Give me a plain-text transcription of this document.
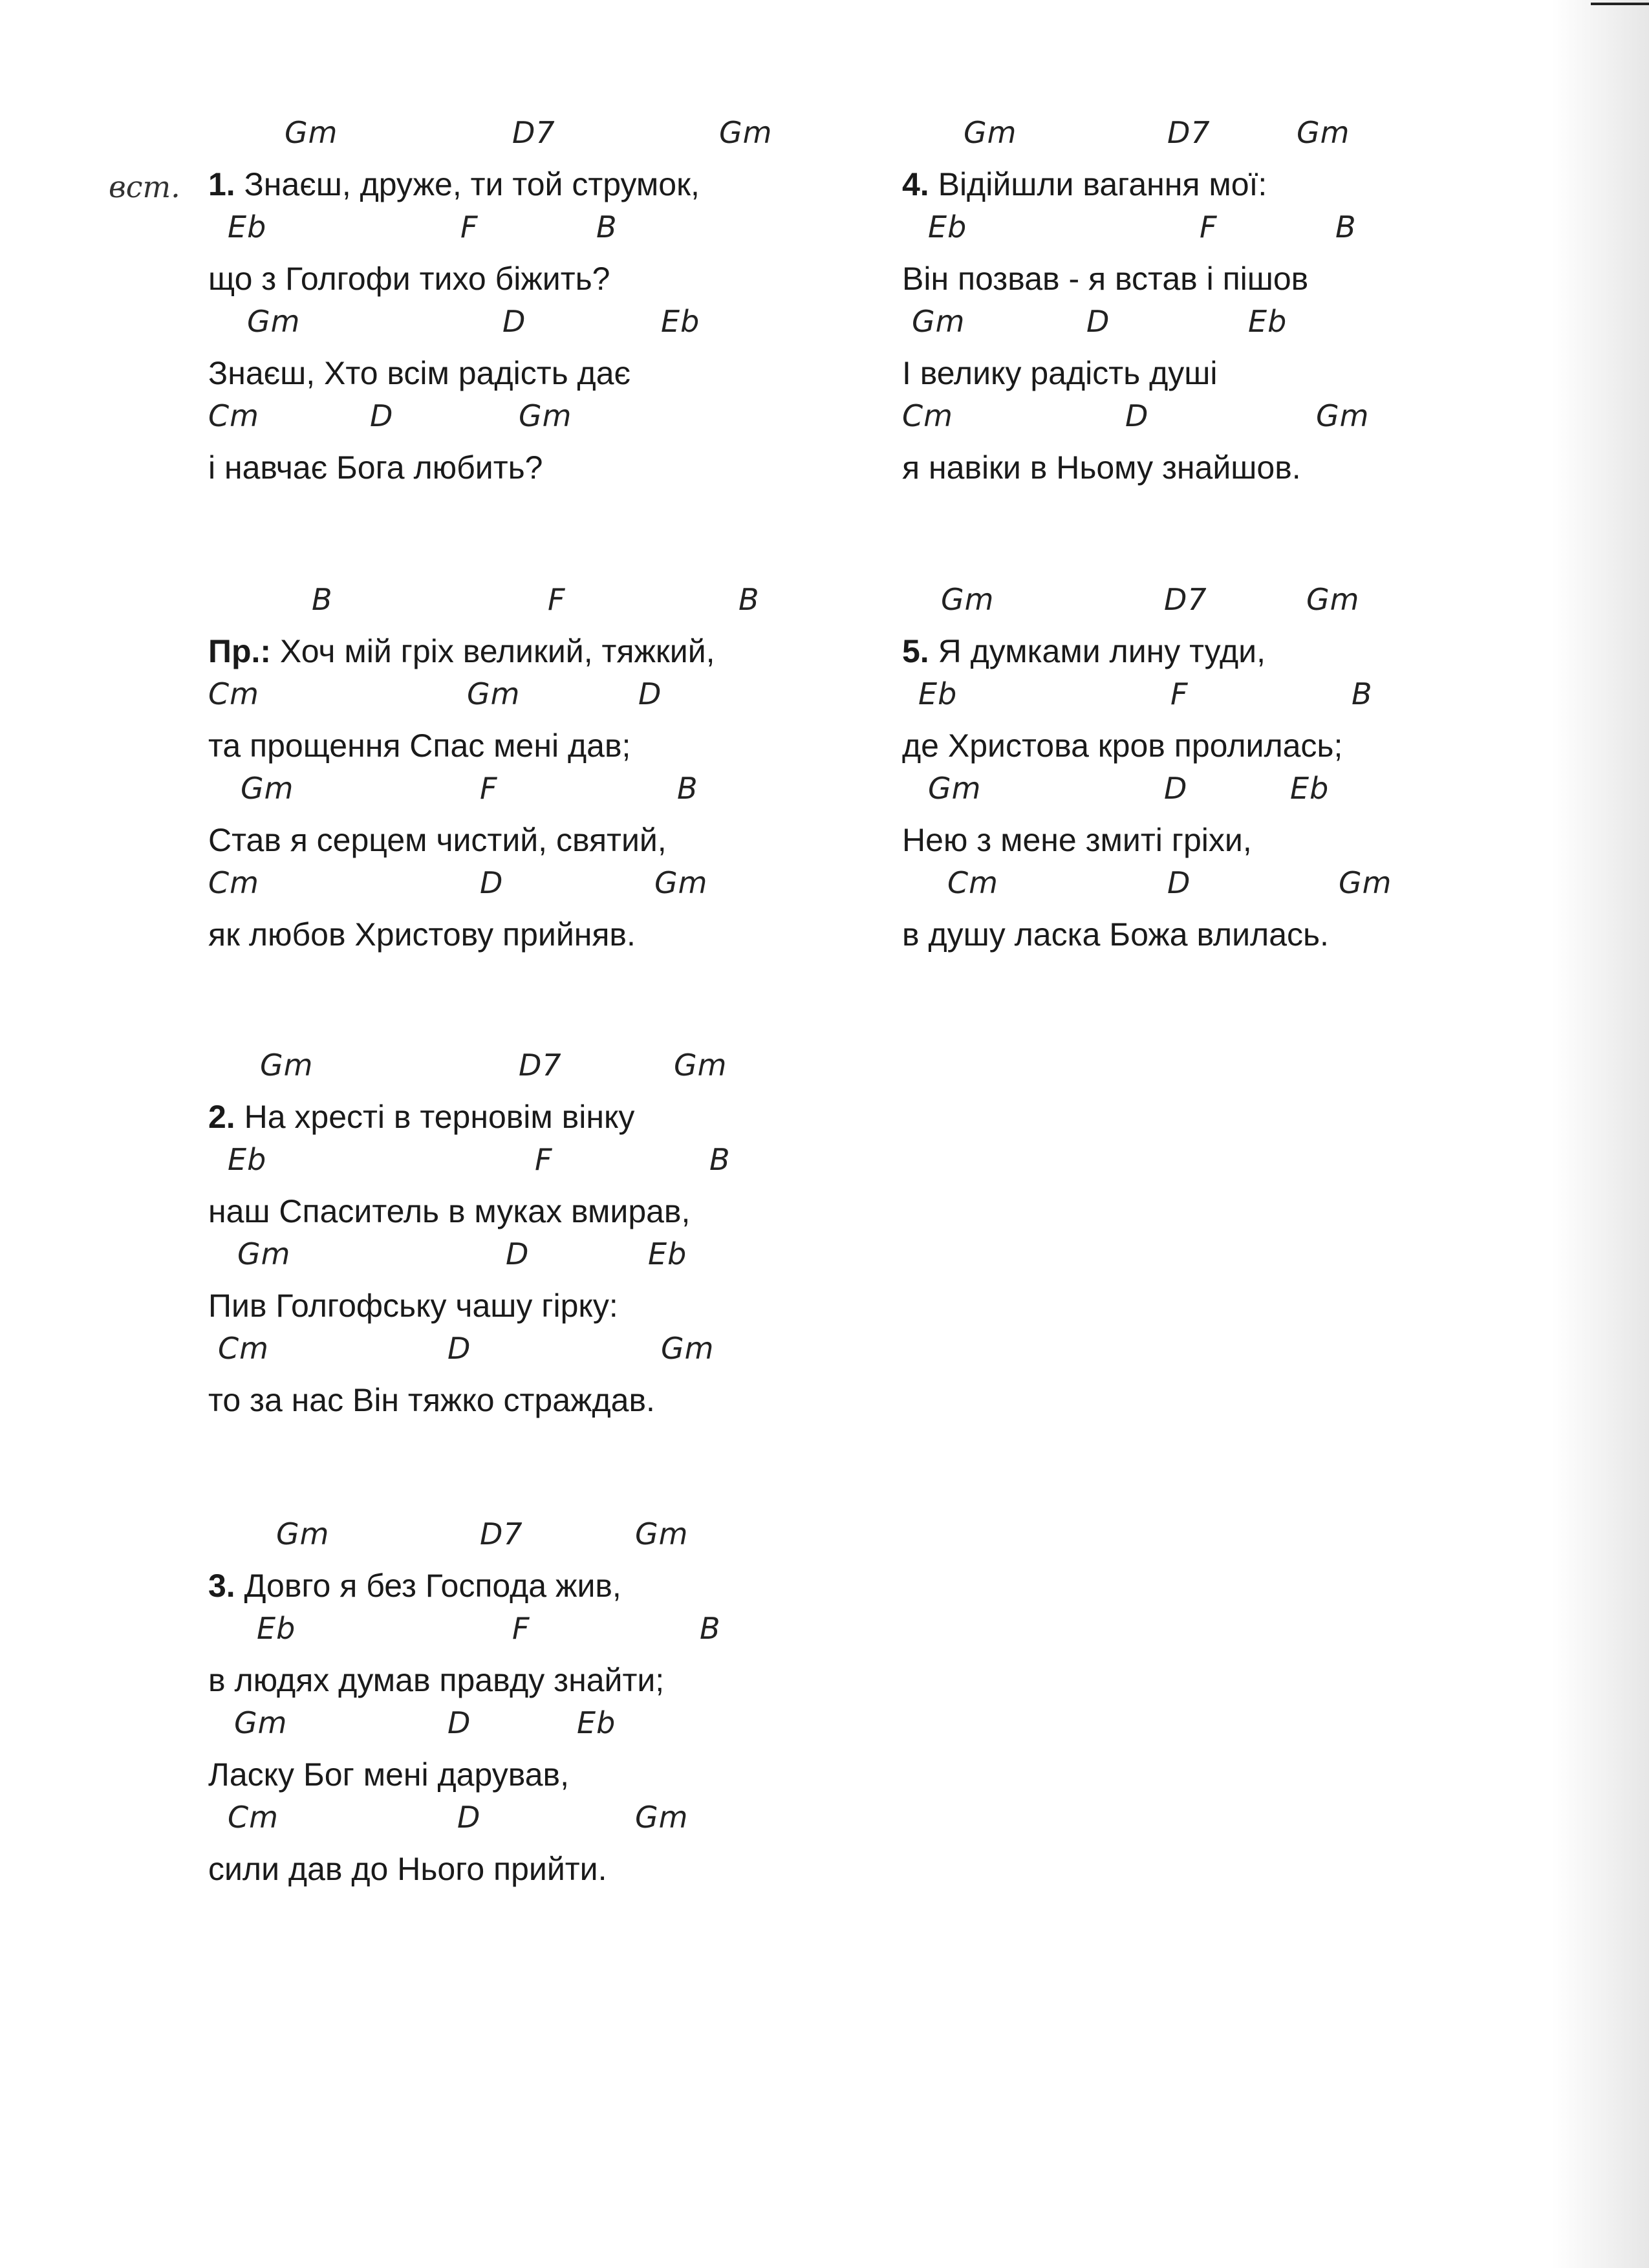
всm.
Gm	D7	Gm
1. Знаєш, друже, ти той струмок,
Eb	F	B
що з Голгофи тихо біжить?
Gm	D	Eb
Знаєш, Хто всім радість дає
Cm	D	Gm
і навчає Бога любить?
B	F	B
Пр.: Хоч мій гріх великий, тяжкий,
Cm	Gm	D
та прощення Спас мені дав;
Gm	F	B
Став я серцем чистий, святий,
Cm	D	Gm
як любов Христову прийняв.
Gm	D7	Gm
2. На хресті в терновім вінку
Eb	F	B
наш Спаситель в муках вмирав,
Gm	D	Eb
Пив Голгофську чашу гірку:
Cm	D	Gm
то за нас Він тяжко страждав.
Gm	D7	Gm
3. Довго я без Господа жив,
Eb	F	B
в людях думав правду знайти;
Gm	D	Eb
Ласку Бог мені дарував,
Cm	D	Gm
сили дав до Нього прийти.
Gm	D7	Gm
4. Відійшли вагання мої:
Eb	F	B
Він позвав - я встав і пішов
Gm	D	Eb
І велику радість душі
Cm	D	Gm
я навіки в Ньому знайшов.
Gm	D7	Gm
5. Я думками лину туди,
Eb	F	B
де Христова кров пролилась;
Gm	D	Eb
Нею з мене змиті гріхи,
Cm	D	Gm
в душу ласка Божа влилась.
